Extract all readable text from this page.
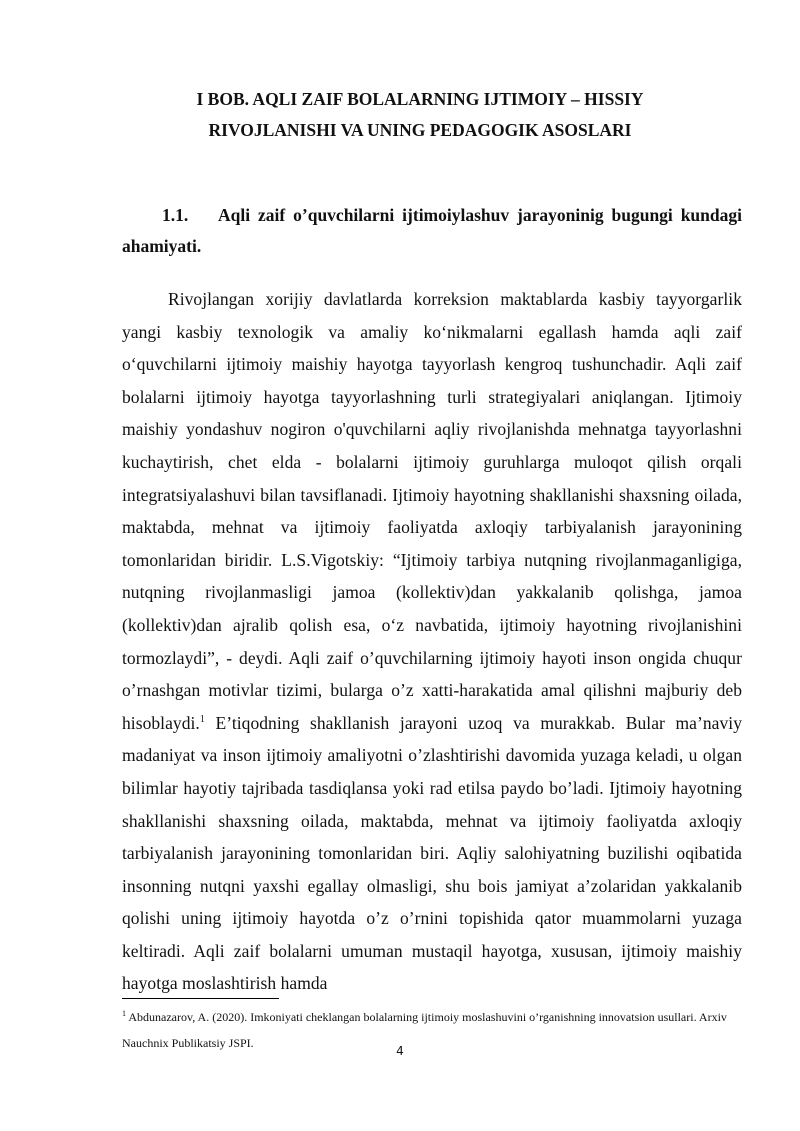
I BOB. AQLI ZAIF BOLALARNING IJTIMOIY – HISSIY
RIVOJLANISHI VA UNING PEDAGOGIK ASOSLARI
1.1. Aqli zaif o’quvchilarni ijtimoiylashuv jarayoninig bugungi kundagi ahamiyati.
Rivojlangan xorijiy davlatlarda korreksion maktablarda kasbiy tayyorgarlik yangi kasbiy texnologik va amaliy ko‘nikmalarni egallash hamda aqli zaif o‘quvchilarni ijtimoiy maishiy hayotga tayyorlash kengroq tushunchadir. Aqli zaif bolalarni ijtimoiy hayotga tayyorlashning turli strategiyalari aniqlangan. Ijtimoiy maishiy yondashuv nogiron o'quvchilarni aqliy rivojlanishda mehnatga tayyorlashni kuchaytirish, chet elda - bolalarni ijtimoiy guruhlarga muloqot qilish orqali integratsiyalashuvi bilan tavsiflanadi. Ijtimoiy hayotning shakllanishi shaxsning oilada, maktabda, mehnat va ijtimoiy faoliyatda axloqiy tarbiyalanish jarayonining tomonlaridan biridir. L.S.Vigotskiy: “Ijtimoiy tarbiya nutqning rivojlanmaganligiga, nutqning rivojlanmasligi jamoa (kollektiv)dan yakkalanib qolishga, jamoa (kollektiv)dan ajralib qolish esa, o‘z navbatida, ijtimoiy hayotning rivojlanishini tormozlaydi”, - deydi. Aqli zaif o’quvchilarning ijtimoiy hayoti inson ongida chuqur o’rnashgan motivlar tizimi, bularga o’z xatti-harakatida amal qilishni majburiy deb hisoblaydi.$^1$ E’tiqodning shakllanish jarayoni uzoq va murakkab. Bular ma’naviy madaniyat va inson ijtimoiy amaliyotni o’zlashtirishi davomida yuzaga keladi, u olgan bilimlar hayotiy tajribada tasdiqlansa yoki rad etilsa paydo bo’ladi. Ijtimoiy hayotning shakllanishi shaxsning oilada, maktabda, mehnat va ijtimoiy faoliyatda axloqiy tarbiyalanish jarayonining tomonlaridan biri. Aqliy salohiyatning buzilishi oqibatida insonning nutqni yaxshi egallay olmasligi, shu bois jamiyat a’zolaridan yakkalanib qolishi uning ijtimoiy hayotda o’z o’rnini topishida qator muammolarni yuzaga keltiradi. Aqli zaif bolalarni umuman mustaqil hayotga, xususan, ijtimoiy maishiy hayotga moslashtirish hamda
$^1$ Abdunazarov, A. (2020). Imkoniyati cheklangan bolalarning ijtimoiy moslashuvini o’rganishning innovatsion usullari. Arxiv Nauchnix Publikatsiy JSPI.
4
